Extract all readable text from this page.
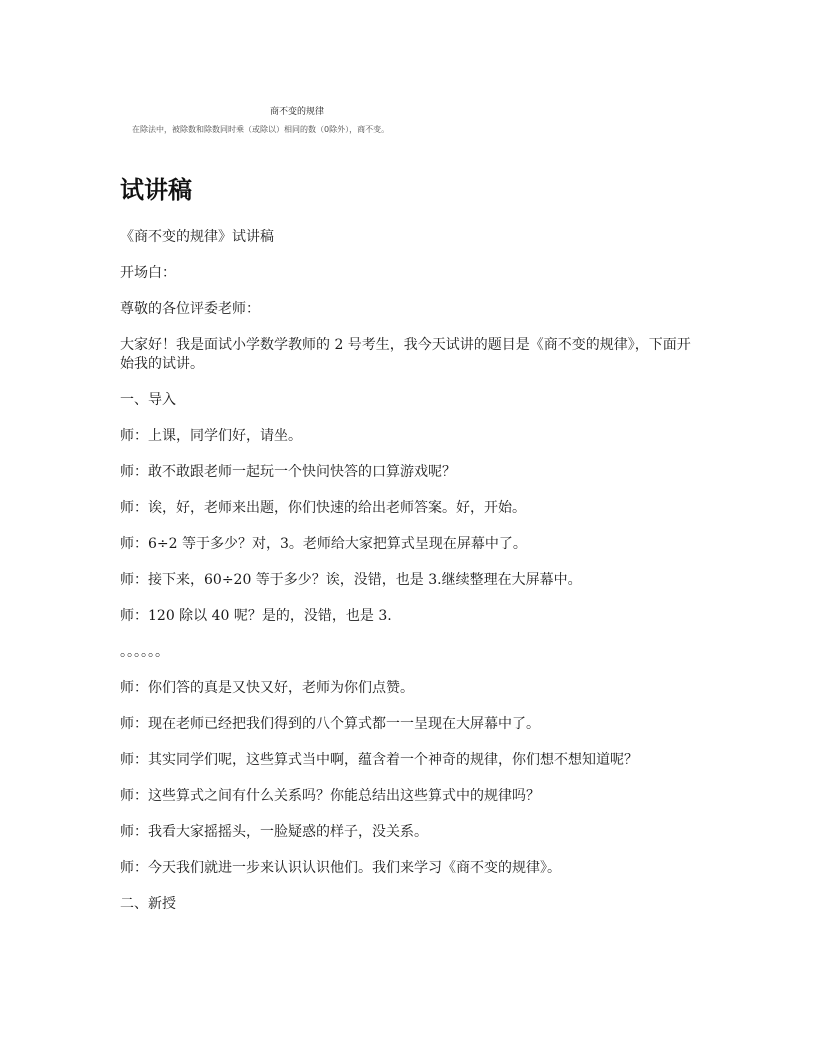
商不变的规律
在除法中，被除数和除数同时乘（或除以）相同的数（0除外），商不变。
试讲稿

《商不变的规律》试讲稿

开场白：

尊敬的各位评委老师：

大家好！我是面试小学数学教师的 2 号考生，我今天试讲的题目是《商不变的规律》，下面开始我的试讲。

一、导入

师：上课，同学们好，请坐。

师：敢不敢跟老师一起玩一个快问快答的口算游戏呢？

师：诶，好，老师来出题，你们快速的给出老师答案。好，开始。

师：6÷2 等于多少？对，3。老师给大家把算式呈现在屏幕中了。

师：接下来，60÷20 等于多少？诶，没错，也是 3.继续整理在大屏幕中。

师：120 除以 40 呢？是的，没错，也是 3.

。。。。。。

师：你们答的真是又快又好，老师为你们点赞。

师：现在老师已经把我们得到的八个算式都一一呈现在大屏幕中了。

师：其实同学们呢，这些算式当中啊，蕴含着一个神奇的规律，你们想不想知道呢？

师：这些算式之间有什么关系吗？你能总结出这些算式中的规律吗？

师：我看大家摇摇头，一脸疑惑的样子，没关系。

师：今天我们就进一步来认识认识他们。我们来学习《商不变的规律》。

二、新授
